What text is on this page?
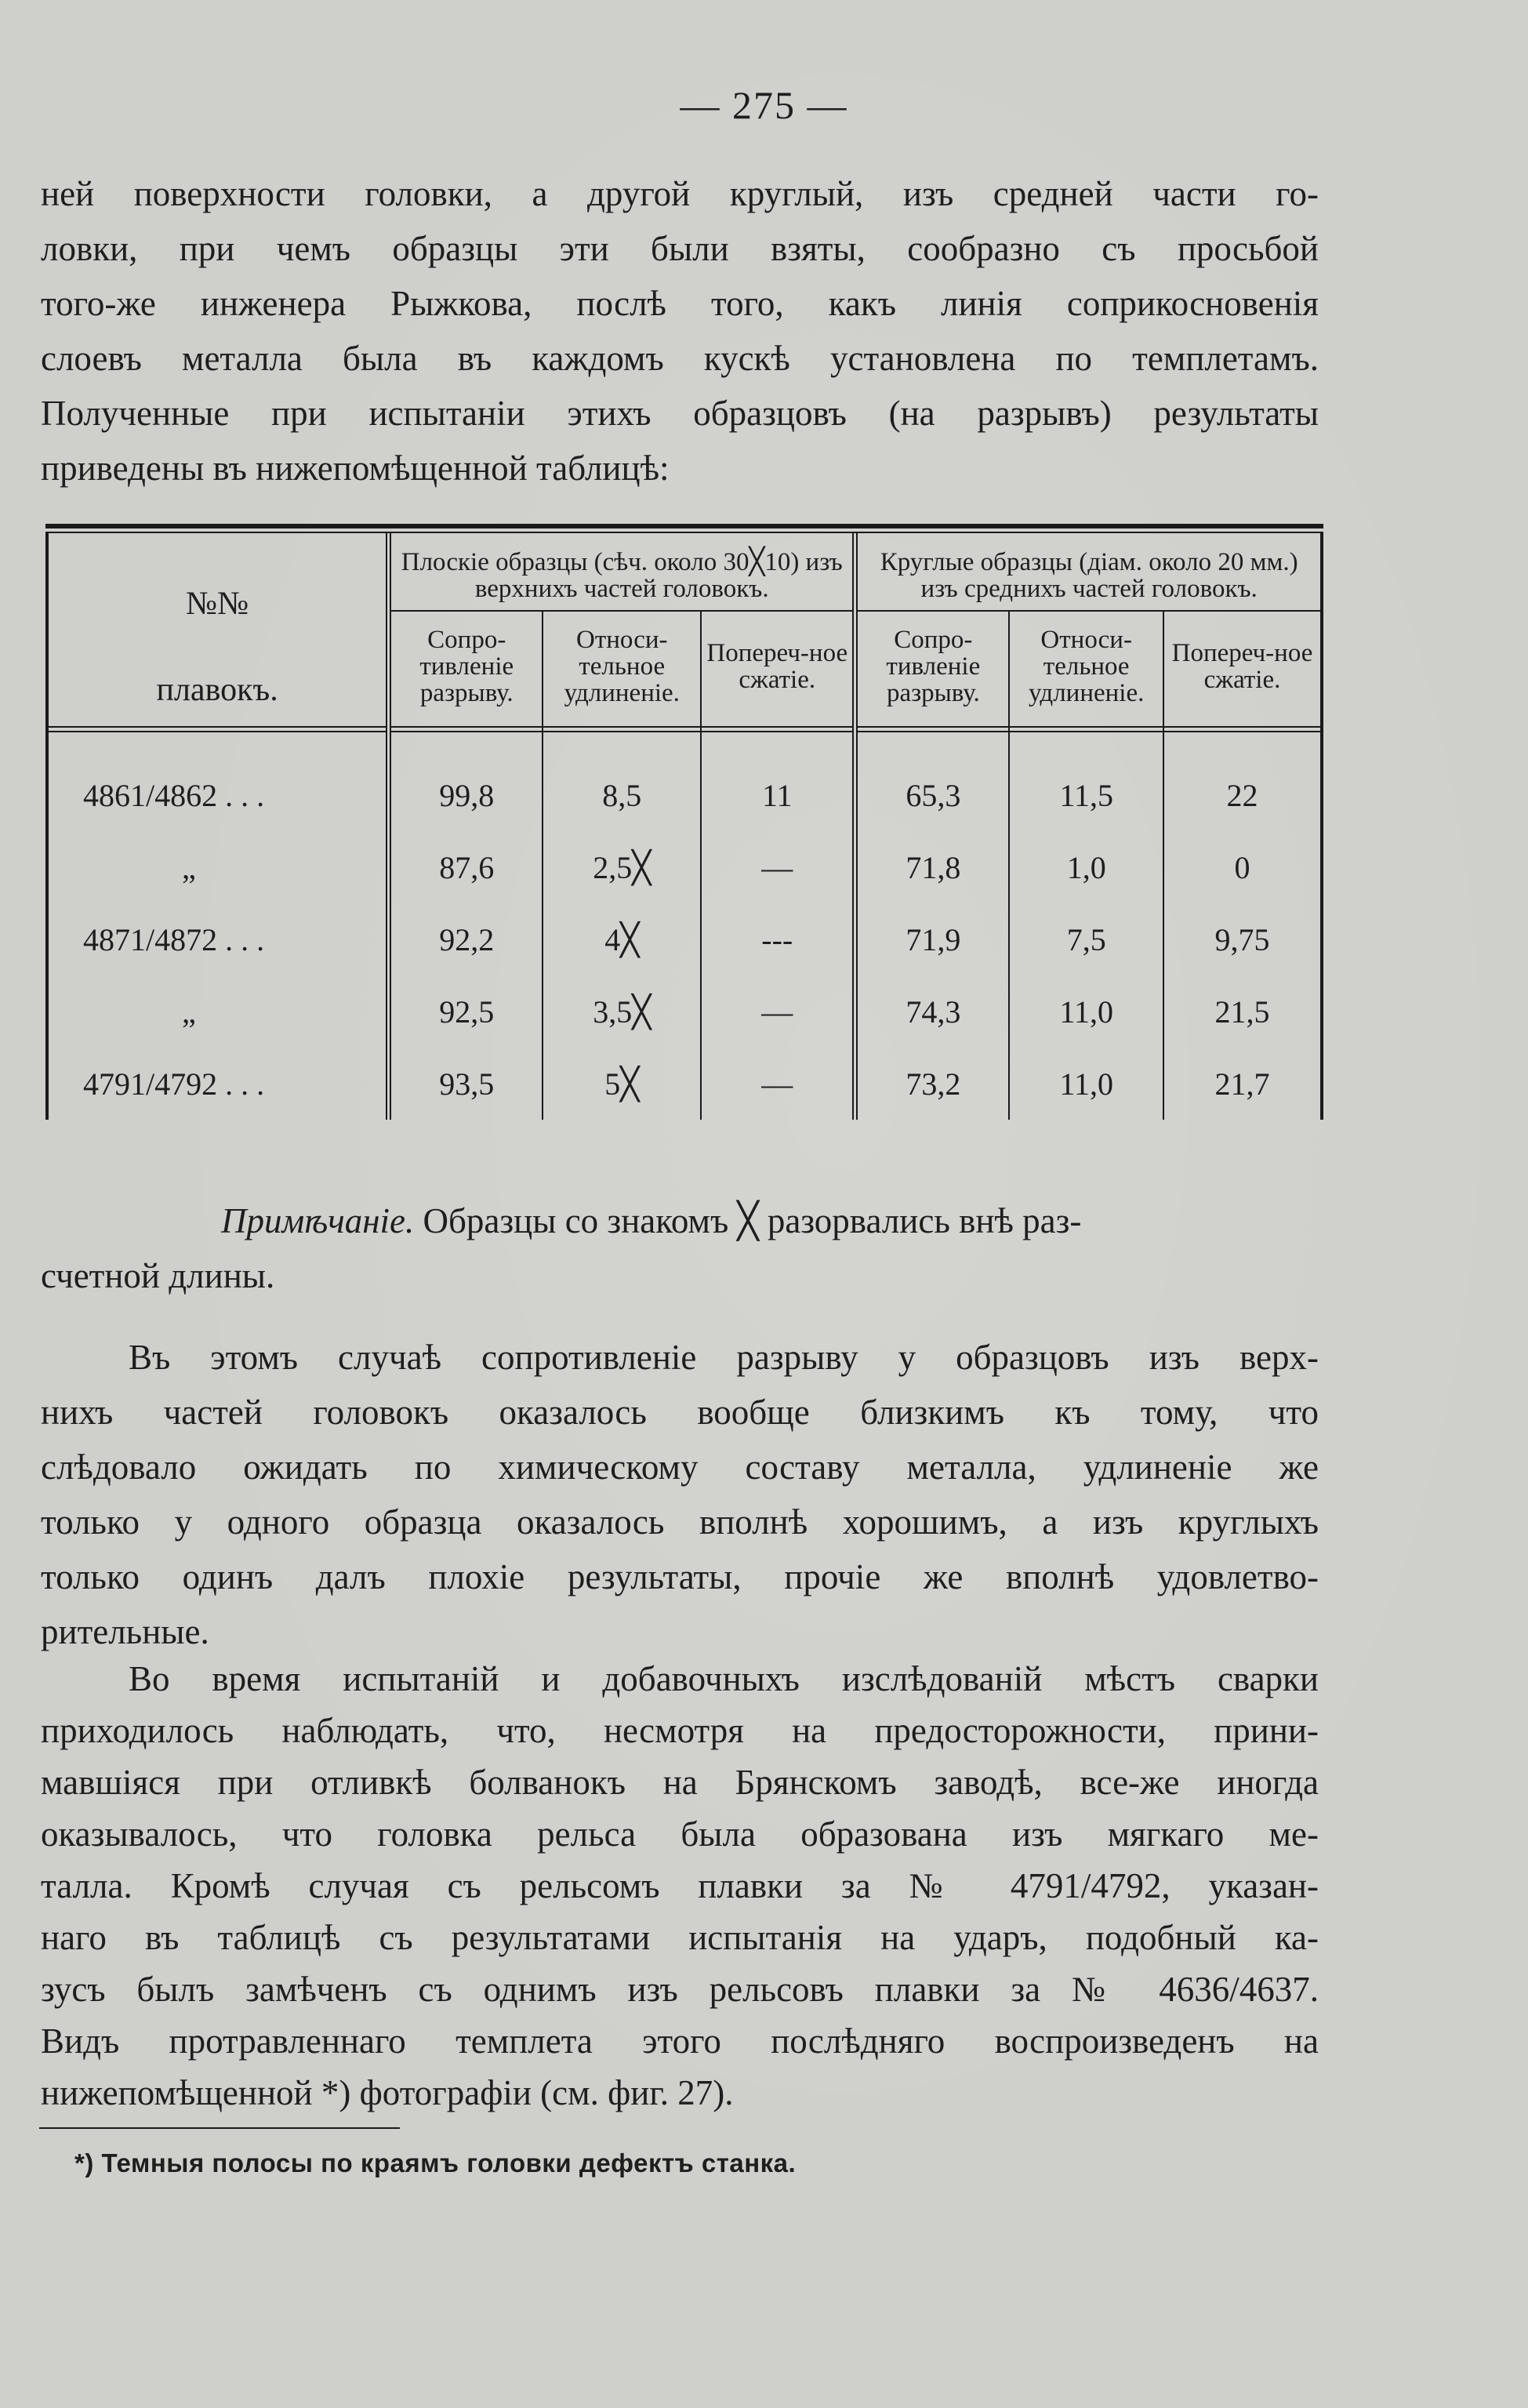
— 275 —

ней поверхности головки, а другой круглый, изъ средней части го-
ловки, при чемъ образцы эти были взяты, сообразно съ просьбой
того-же инженера Рыжкова, послѣ того, какъ линія соприкосновенія
слоевъ металла была въ каждомъ кускѣ установлена по темплетамъ.
Полученные при испытаніи этихъ образцовъ (на разрывъ) результаты
приведены въ нижепомѣщенной таблицѣ:

№№
плавокъ.	Плоскіе образцы (сѣч. около 30╳10) изъ верхнихъ частей головокъ.			Круглые образцы (діам. около 20 мм.) изъ среднихъ частей головокъ.		
	Сопро-тивленіе разрыву.	Относи-тельное удлиненіе.	Попереч-ное сжатіе.	Сопро-тивленіе разрыву.	Относи-тельное удлиненіе.	Попереч-ное сжатіе.

4861/4862 . . .	99,8	8,5	11	65,3	11,5	22
„	87,6	2,5╳	—	71,8	1,0	0
4871/4872 . . .	92,2	4╳	---	71,9	7,5	9,75
„	92,5	3,5╳	—	74,3	11,0	21,5
4791/4792 . . .	93,5	5╳	—	73,2	11,0	21,7

Примѣчаніе. Образцы со знакомъ ╳ разорвались внѣ раз-
счетной длины.

Въ этомъ случаѣ сопротивленіе разрыву у образцовъ изъ верх-
нихъ частей головокъ оказалось вообще близкимъ къ тому, что
слѣдовало ожидать по химическому составу металла, удлиненіе же
только у одного образца оказалось вполнѣ хорошимъ, а изъ круглыхъ
только одинъ далъ плохіе результаты, прочіе же вполнѣ удовлетво-
рительные.

Во время испытаній и добавочныхъ изслѣдованій мѣстъ сварки
приходилось наблюдать, что, несмотря на предосторожности, прини-
мавшіяся при отливкѣ болванокъ на Брянскомъ заводѣ, все-же иногда
оказывалось, что головка рельса была образована изъ мягкаго ме-
талла. Кромѣ случая съ рельсомъ плавки за № 4791/4792, указан-
наго въ таблицѣ съ результатами испытанія на ударъ, подобный ка-
зусъ былъ замѣченъ съ однимъ изъ рельсовъ плавки за № 4636/4637.
Видъ протравленнаго темплета этого послѣдняго воспроизведенъ на
нижепомѣщенной *) фотографіи (см. фиг. 27).

*) Темныя полосы по краямъ головки дефектъ станка.
